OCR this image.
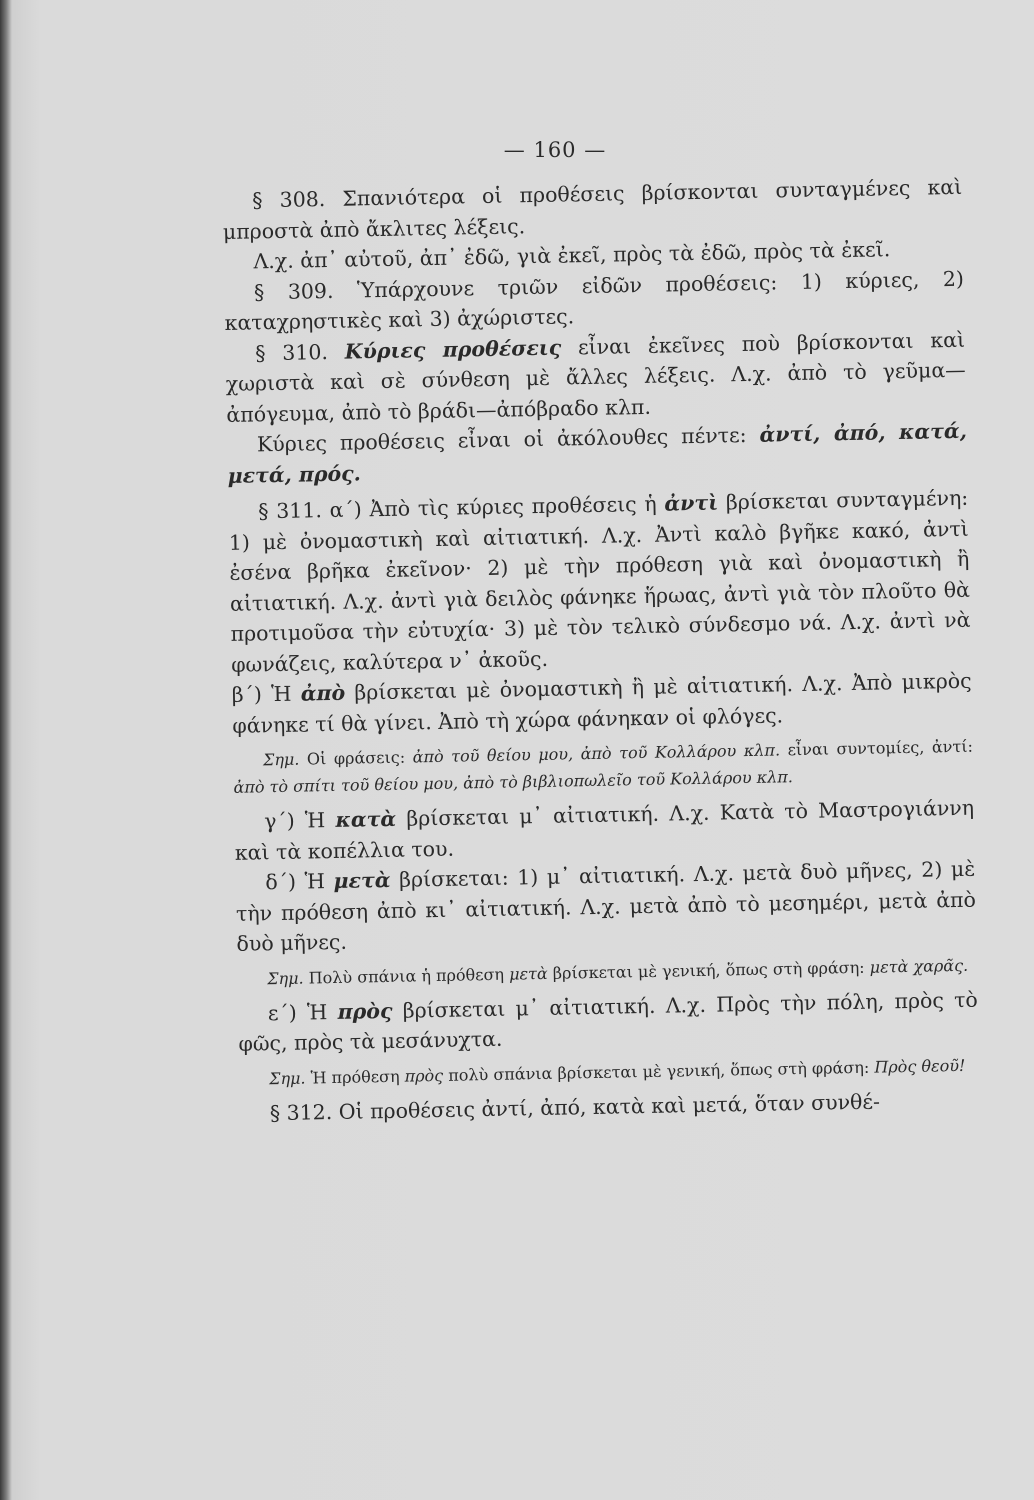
— 160 —

§ 308. Σπανιότερα οἱ προθέσεις βρίσκονται συνταγμένες καὶ μπροστὰ ἀπὸ ἄκλιτες λέξεις.

Λ.χ. ἀπ᾿ αὐτοῦ, ἀπ᾿ ἐδῶ, γιὰ ἐκεῖ, πρὸς τὰ ἐδῶ, πρὸς τὰ ἐκεῖ.

§ 309. Ὑπάρχουνε τριῶν εἰδῶν προθέσεις: 1) κύριες, 2) καταχρηστικὲς καὶ 3) ἀχώριστες.

§ 310. Κύριες προθέσεις εἶναι ἐκεῖνες ποὺ βρίσκονται καὶ χωριστὰ καὶ σὲ σύνθεση μὲ ἄλλες λέξεις. Λ.χ. ἀπὸ τὸ γεῦμα—ἀπόγευμα, ἀπὸ τὸ βράδι—ἀπόβραδο κλπ.

Κύριες προθέσεις εἶναι οἱ ἀκόλουθες πέντε: ἀντί, ἀπό, κατά, μετά, πρός.

§ 311. α΄) Ἀπὸ τὶς κύριες προθέσεις ἡ ἀντὶ βρίσκεται συνταγμένη: 1) μὲ ὀνομαστικὴ καὶ αἰτιατική. Λ.χ. Ἀντὶ καλὸ βγῆκε κακό, ἀντὶ ἐσένα βρῆκα ἐκεῖνον· 2) μὲ τὴν πρόθεση γιὰ καὶ ὀνομαστικὴ ἢ αἰτιατική. Λ.χ. ἀντὶ γιὰ δειλὸς φάνηκε ἥρωας, ἀντὶ γιὰ τὸν πλοῦτο θὰ προτιμοῦσα τὴν εὐτυχία· 3) μὲ τὸν τελικὸ σύνδεσμο νά. Λ.χ. ἀντὶ νὰ φωνάζεις, καλύτερα ν᾿ ἀκοῦς.

β΄) Ἡ ἀπὸ βρίσκεται μὲ ὀνομαστικὴ ἢ μὲ αἰτιατική. Λ.χ. Ἀπὸ μικρὸς φάνηκε τί θὰ γίνει. Ἀπὸ τὴ χώρα φάνηκαν οἱ φλόγες.

Σημ. Οἱ φράσεις: ἀπὸ τοῦ θείου μου, ἀπὸ τοῦ Κολλάρου κλπ. εἶναι συντομίες, ἀντί: ἀπὸ τὸ σπίτι τοῦ θείου μου, ἀπὸ τὸ βιβλιοπωλεῖο τοῦ Κολλάρου κλπ.

γ΄) Ἡ κατὰ βρίσκεται μ᾿ αἰτιατική. Λ.χ. Κατὰ τὸ Μαστρογιάννη καὶ τὰ κοπέλλια του.

δ΄) Ἡ μετὰ βρίσκεται: 1) μ᾿ αἰτιατική. Λ.χ. μετὰ δυὸ μῆνες, 2) μὲ τὴν πρόθεση ἀπὸ κι᾿ αἰτιατική. Λ.χ. μετὰ ἀπὸ τὸ μεσημέρι, μετὰ ἀπὸ δυὸ μῆνες.

Σημ. Πολὺ σπάνια ἡ πρόθεση μετὰ βρίσκεται μὲ γενική, ὅπως στὴ φράση: μετὰ χαρᾶς.

ε΄) Ἡ πρὸς βρίσκεται μ᾿ αἰτιατική. Λ.χ. Πρὸς τὴν πόλη, πρὸς τὸ φῶς, πρὸς τὰ μεσάνυχτα.

Σημ. Ἡ πρόθεση πρὸς πολὺ σπάνια βρίσκεται μὲ γενική, ὅπως στὴ φράση: Πρὸς θεοῦ!

§ 312. Οἱ προθέσεις ἀντί, ἀπό, κατὰ καὶ μετά, ὅταν συνθέ-
